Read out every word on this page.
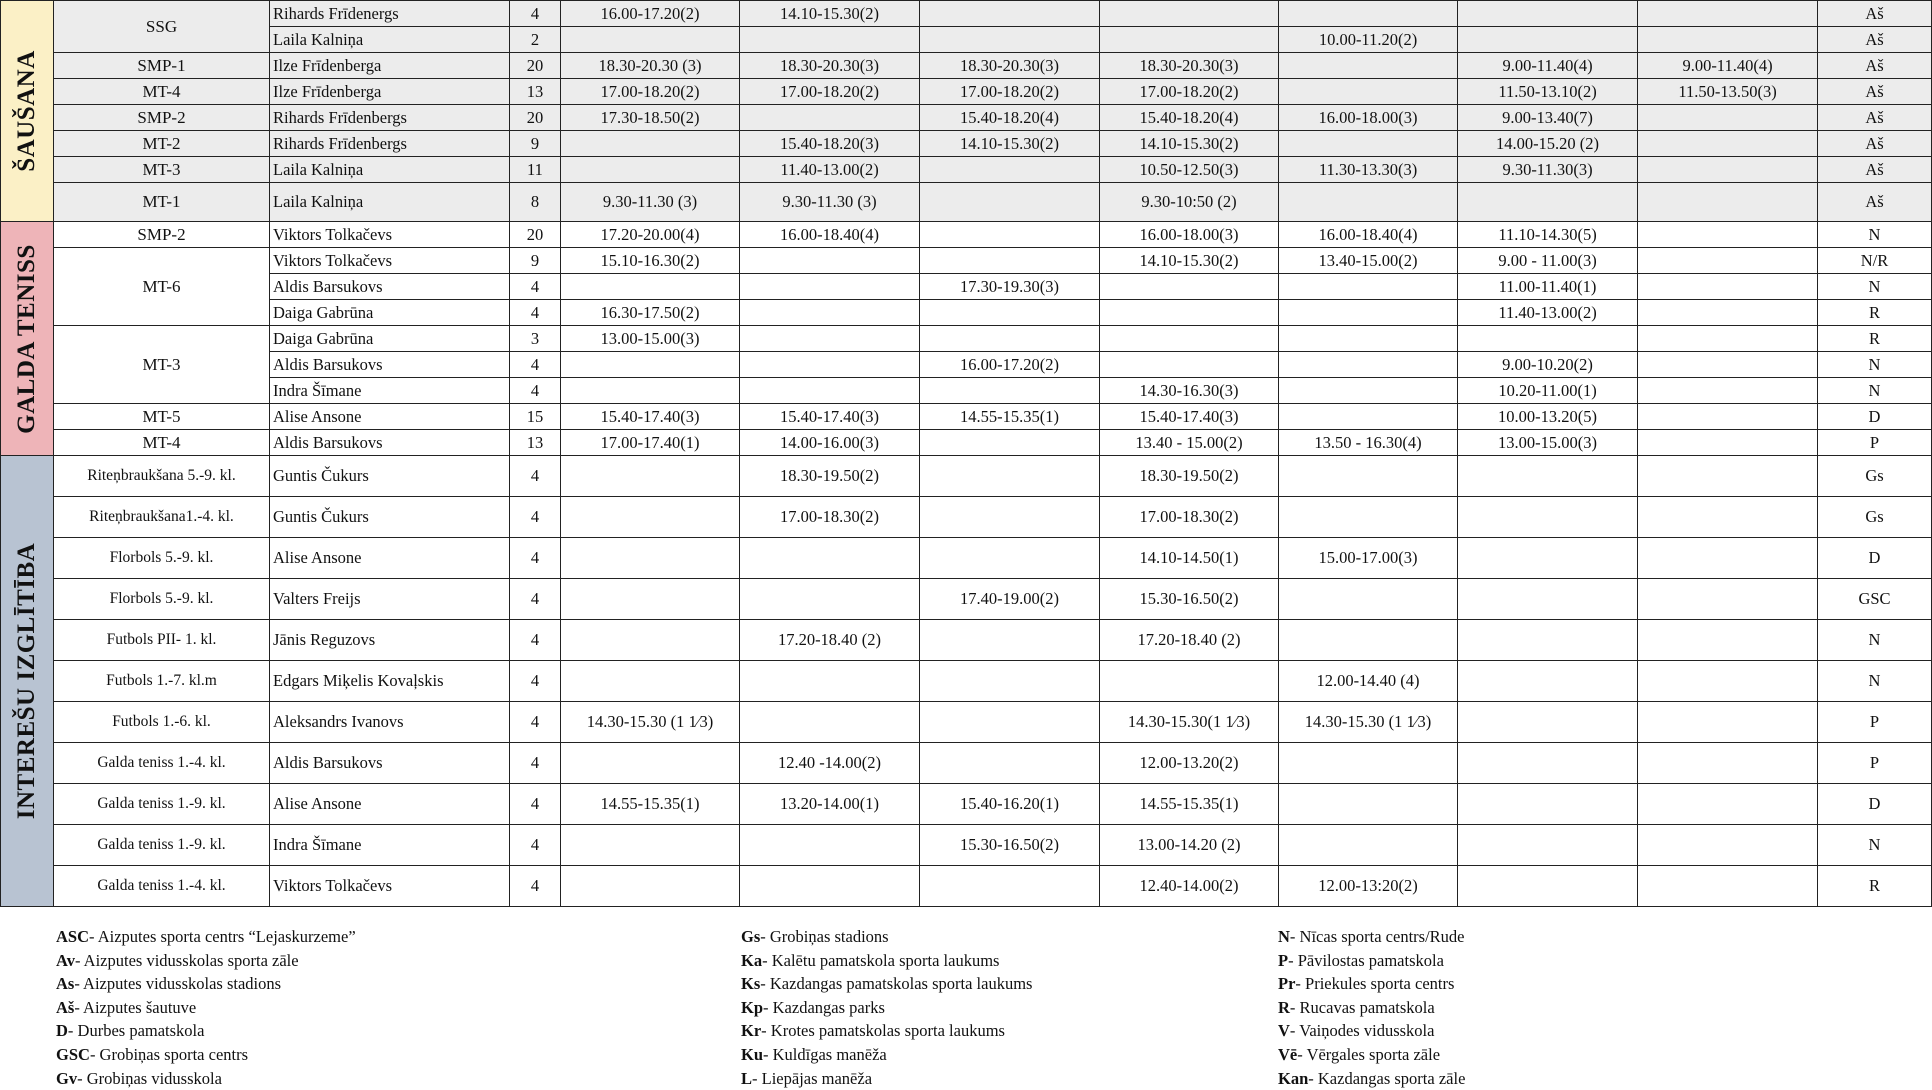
ŠAUŠANA	SSG	Rihards Frīdenergs	4	16.00-17.20(2)	14.10-15.30(2)						Aš
		Laila Kalniņa	2					10.00-11.20(2)			Aš
	SMP-1	Ilze Frīdenberga	20	18.30-20.30 (3)	18.30-20.30(3)	18.30-20.30(3)	18.30-20.30(3)		9.00-11.40(4)	9.00-11.40(4)	Aš
	MT-4	Ilze Frīdenberga	13	17.00-18.20(2)	17.00-18.20(2)	17.00-18.20(2)	17.00-18.20(2)		11.50-13.10(2)	11.50-13.50(3)	Aš
	SMP-2	Rihards Frīdenbergs	20	17.30-18.50(2)		15.40-18.20(4)	15.40-18.20(4)	16.00-18.00(3)	9.00-13.40(7)		Aš
	MT-2	Rihards Frīdenbergs	9		15.40-18.20(3)	14.10-15.30(2)	14.10-15.30(2)		14.00-15.20 (2)		Aš
	MT-3	Laila Kalniņa	11		11.40-13.00(2)		10.50-12.50(3)	11.30-13.30(3)	9.30-11.30(3)		Aš
	MT-1	Laila Kalniņa	8	9.30-11.30 (3)	9.30-11.30 (3)		9.30-10:50 (2)				Aš

GALDA TENISS	SMP-2	Viktors Tolkačevs	20	17.20-20.00(4)	16.00-18.40(4)		16.00-18.00(3)	16.00-18.40(4)	11.10-14.30(5)		N
	MT-6	Viktors Tolkačevs	9	15.10-16.30(2)			14.10-15.30(2)	13.40-15.00(2)	9.00 - 11.00(3)		N/R
		Aldis Barsukovs	4			17.30-19.30(3)			11.00-11.40(1)		N
		Daiga Gabrūna	4	16.30-17.50(2)					11.40-13.00(2)		R
	MT-3	Daiga Gabrūna	3	13.00-15.00(3)							R
		Aldis Barsukovs	4			16.00-17.20(2)			9.00-10.20(2)		N
		Indra Šīmane	4				14.30-16.30(3)		10.20-11.00(1)		N
	MT-5	Alise Ansone	15	15.40-17.40(3)	15.40-17.40(3)	14.55-15.35(1)	15.40-17.40(3)		10.00-13.20(5)		D
	MT-4	Aldis Barsukovs	13	17.00-17.40(1)	14.00-16.00(3)		13.40 - 15.00(2)	13.50 - 16.30(4)	13.00-15.00(3)		P

INTEREŠU IZGLĪTĪBA	Riteņbraukšana 5.-9. kl.	Guntis Čukurs	4		18.30-19.50(2)		18.30-19.50(2)				Gs
	Riteņbraukšana1.-4. kl.	Guntis Čukurs	4		17.00-18.30(2)		17.00-18.30(2)				Gs
	Florbols 5.-9. kl.	Alise Ansone	4				14.10-14.50(1)	15.00-17.00(3)			D
	Florbols 5.-9. kl.	Valters Freijs	4			17.40-19.00(2)	15.30-16.50(2)				GSC
	Futbols PII- 1. kl.	Jānis Reguzovs	4		17.20-18.40 (2)		17.20-18.40 (2)				N
	Futbols 1.-7. kl.m	Edgars Miķelis Kovaļskis	4					12.00-14.40 (4)			N
	Futbols 1.-6. kl.	Aleksandrs Ivanovs	4	14.30-15.30 (1 1⁄3)			14.30-15.30(1 1⁄3)	14.30-15.30 (1 1⁄3)			P
	Galda teniss 1.-4. kl.	Aldis Barsukovs	4		12.40 -14.00(2)		12.00-13.20(2)				P
	Galda teniss 1.-9. kl.	Alise Ansone	4	14.55-15.35(1)	13.20-14.00(1)	15.40-16.20(1)	14.55-15.35(1)				D
	Galda teniss 1.-9. kl.	Indra Šīmane	4			15.30-16.50(2)	13.00-14.20 (2)				N
	Galda teniss 1.-4. kl.	Viktors Tolkačevs	4				12.40-14.00(2)	12.00-13:20(2)			R
ASC- Aizputes sporta centrs “Lejaskurzeme”
Av- Aizputes vidusskolas sporta zāle
As- Aizputes vidusskolas stadions
Aš- Aizputes šautuve
D- Durbes pamatskola
GSC- Grobiņas sporta centrs
Gv- Grobiņas vidusskola
Gs- Grobiņas stadions
Ka- Kalētu pamatskola sporta laukums
Ks- Kazdangas pamatskolas sporta laukums
Kp- Kazdangas parks
Kr- Krotes pamatskolas sporta laukums
Ku- Kuldīgas manēža
L- Liepājas manēža
N- Nīcas sporta centrs/Rude
P- Pāvilostas pamatskola
Pr- Priekules sporta centrs
R- Rucavas pamatskola
V- Vaiņodes vidusskola
Vē- Vērgales sporta zāle
Kan- Kazdangas sporta zāle
